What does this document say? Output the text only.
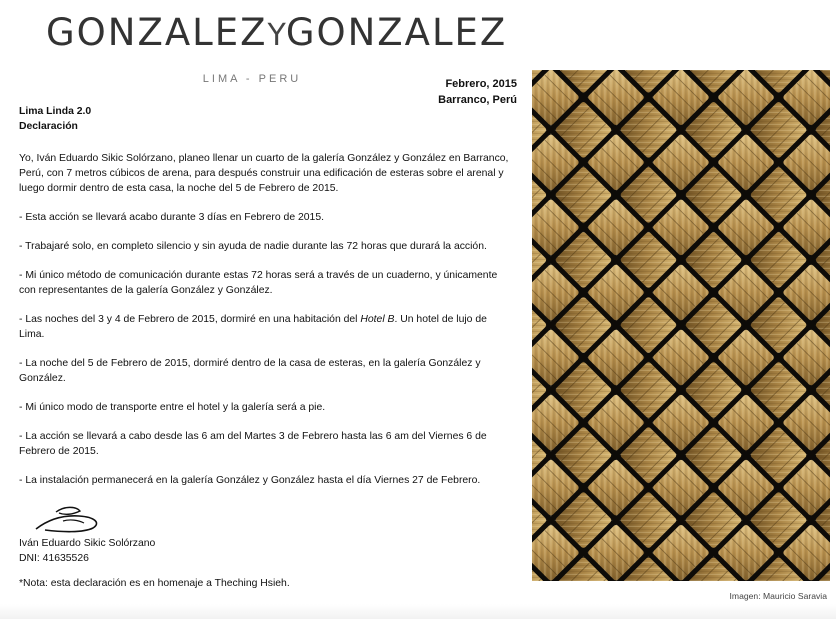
GONZALEZYGONZALEZ
LIMA - PERU	Febrero, 2015
Barranco, Perú
Lima Linda 2.0
Declaración

Yo, Iván Eduardo Sikic Solórzano, planeo llenar un cuarto de la galería González y González en Barranco, Perú, con 7 metros cúbicos de arena, para después construir una edificación de esteras sobre el arenal y luego dormir dentro de esta casa, la noche del 5 de Febrero de 2015.

- Esta acción se llevará acabo durante 3 días en Febrero de 2015.

- Trabajaré solo, en completo silencio y sin ayuda de nadie durante las 72 horas que durará la acción.

- Mi único método de comunicación durante estas 72 horas será a través de un cuaderno, y únicamente con representantes de la galería González y González.

- Las noches del 3 y 4 de Febrero de 2015, dormiré en una habitación del Hotel B. Un hotel de lujo de Lima.

- La noche del 5 de Febrero de 2015, dormiré dentro de la casa de esteras, en la galería González y González.

- Mi único modo de transporte entre el hotel y la galería será a pie.

- La acción se llevará a cabo desde las 6 am del Martes 3 de Febrero hasta las 6 am del Viernes 6 de Febrero de 2015.

- La instalación permanecerá en la galería González y González hasta el día Viernes 27 de Febrero.

Iván Eduardo Sikic Solórzano
DNI: 41635526
*Nota: esta declaración es en homenaje a Theching Hsieh.
Imagen: Mauricio Saravia
